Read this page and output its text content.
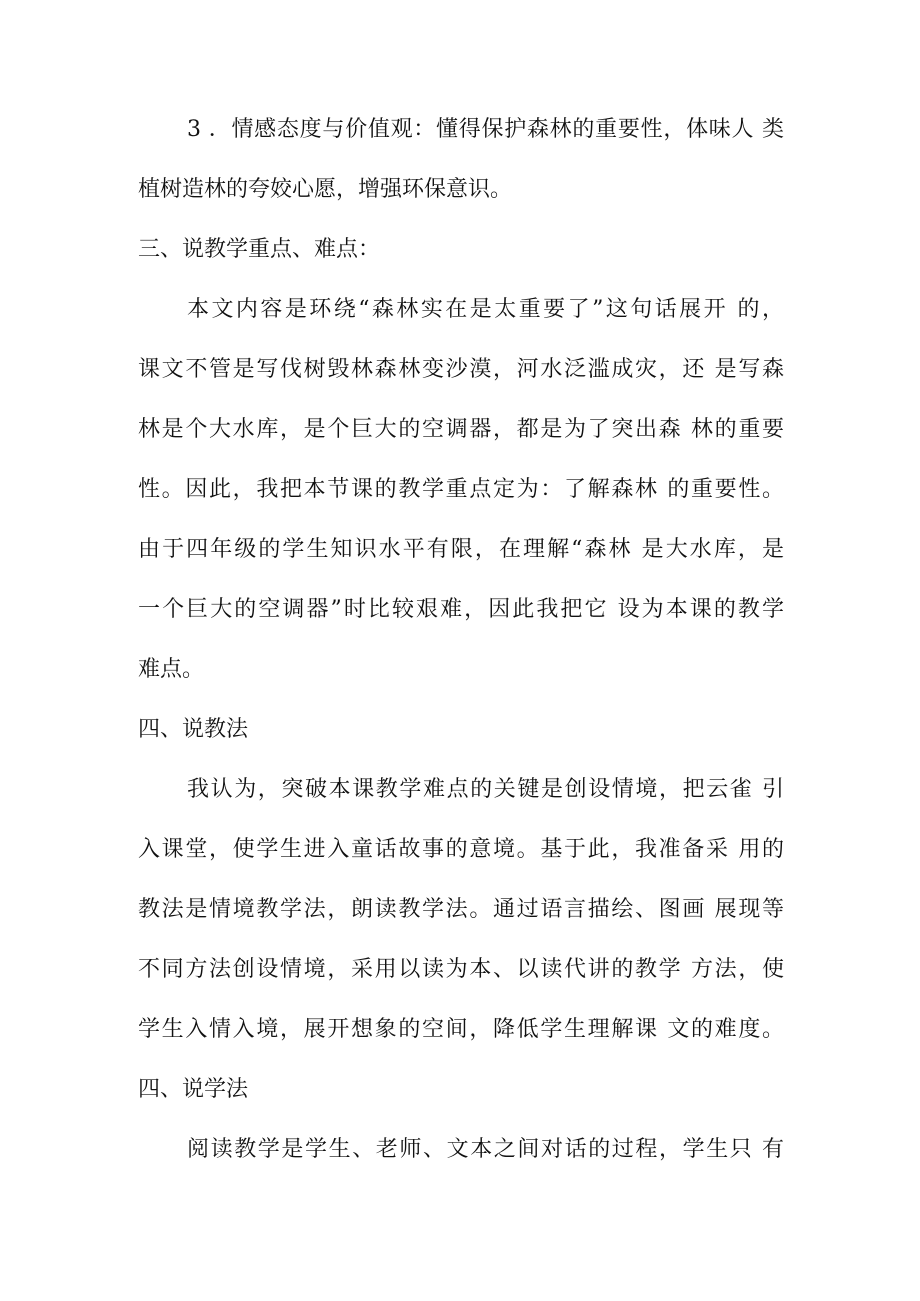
3 ．情感态度与价值观：懂得保护森林的重要性，体味人 类
植树造林的夸姣心愿，增强环保意识。
三、说教学重点、难点：
本文内容是环绕“森林实在是太重要了”这句话展开 的，
课文不管是写伐树毁林森林变沙漠，河水泛滥成灾，还 是写森
林是个大水库，是个巨大的空调器，都是为了突出森 林的重要
性。因此，我把本节课的教学重点定为：了解森林 的重要性。
由于四年级的学生知识水平有限，在理解“森林 是大水库，是
一个巨大的空调器”时比较艰难，因此我把它 设为本课的教学
难点。
四、说教法
我认为，突破本课教学难点的关键是创设情境，把云雀 引
入课堂，使学生进入童话故事的意境。基于此，我准备采 用的
教法是情境教学法，朗读教学法。通过语言描绘、图画 展现等
不同方法创设情境，采用以读为本、以读代讲的教学 方法，使
学生入情入境，展开想象的空间，降低学生理解课 文的难度。
四、说学法
阅读教学是学生、老师、文本之间对话的过程，学生只 有
